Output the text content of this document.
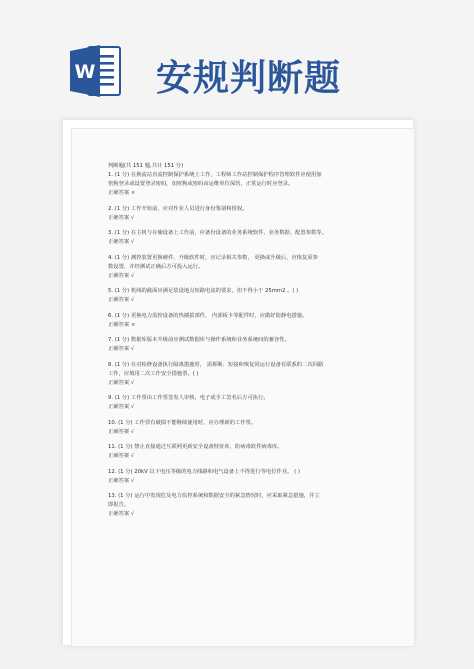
W 安规判断题

判断题(共 151 题,共计 151 分)

1. (1 分) 在换流站直流控制保护系统上工作，工程师工作站控制保护程序管理软件应使用加

密狗登录或设置登录密码，加密狗或密码由运维单位保管，正常运行时应登录。

正确答案 ×

2. (1 分) 工作开始前，应对作业人员进行身份鉴别和授权。

正确答案 √

3. (1 分) 在主机与存储设备上工作前，应备份设备的业务系统软件、业务数据、配置参数等。

正确答案 √

4. (1 分) 测控装置更换硬件、升级软件时，应记录相关参数， 更换或升级后，应恢复原参

数设置，并经测试正确后方可投入运行。

正确答案 √

5. (1 分) 机线的截面应满足装设地点短路电流的要求，但不得小于 25mm2 。( )

正确答案 √

6. (1 分) 更换电力监控设备的热插拔部件， 内部板卡等配件时，应做好防静电措施。

正确答案 ×

7. (1 分) 数据库版本升级前应测试数据库与操作系统和业务系统间的兼容性。

正确答案 √

8. (1 分) 在对检修设备执行隔离措施时， 需拆断、短接和恢复同运行设备有联系的二次回路

工作，应填用二次工作安全措施票。( )

正确答案 √

9. (1 分) 工作票由工作票签发人审核，电子或手工签名后方可执行。

正确答案 √

10. (1 分) 工作票有破损不能继续使用时，应办理新的工作票。

正确答案 √

11. (1 分) 禁止直接通过互联网更新安全设备特征库，防病毒软件病毒库。

正确答案 √

12. (1 分) 20kV 以下电压等级的电力线路和电气设备上不得进行等电位作业。 ( )

正确答案 √

13. (1 分) 运行中发现危及电力监控系统和数据安全的紧急情况时，应采取紧急措施，并立

即报告。

正确答案 √
